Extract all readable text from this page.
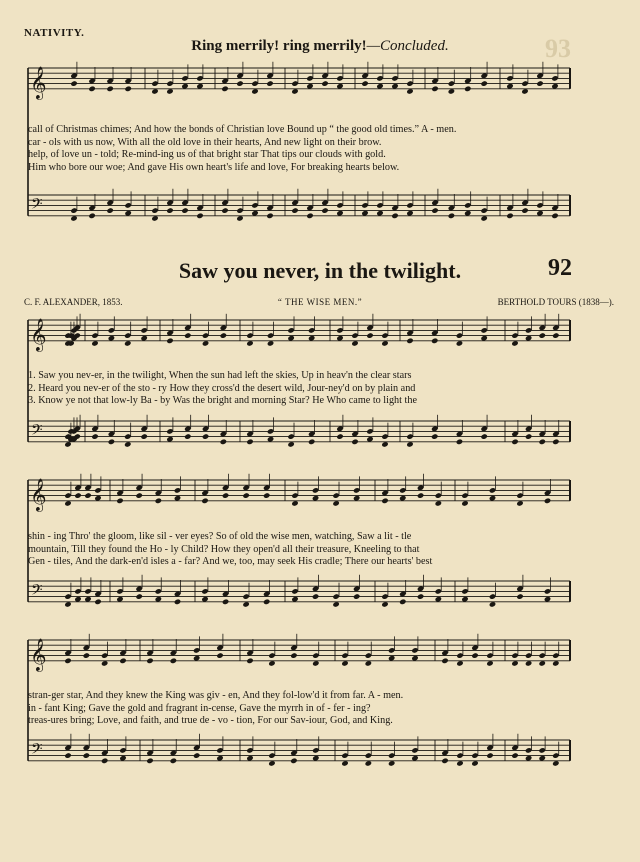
NATIVITY.
93
Ring merrily! ring merrily!—Concluded.
𝄞
𝄢
𝄞
𝄢
𝄞
𝄢
𝄞
𝄢
call of Christmas chimes; And how the bonds of Christian love Bound up “ the good old times.” A - men.
car - ols with us now, With all the old love in their hearts, And new light on their brow.
help, of love un - told; Re-mind-ing us of that bright star That tips our clouds with gold.
Him who bore our woe; And gave His own heart's life and love, For breaking hearts below.
Saw you never, in the twilight.	92
C. F. ALEXANDER, 1853.	“ THE WISE MEN.”	BERTHOLD TOURS (1838—).
1. Saw you nev-er, in the twilight, When the sun had left the skies, Up in heav'n the clear stars
2. Heard you nev-er of the sto - ry How they cross'd the desert wild, Jour-ney'd on by plain and
3. Know ye not that low-ly Ba - by Was the bright and morning Star? He Who came to light the
shin - ing Thro' the gloom, like sil - ver eyes? So of old the wise men, watching, Saw a lit - tle
mountain, Till they found the Ho - ly Child? How they open'd all their treasure, Kneeling to that
Gen - tiles, And the dark-en'd isles a - far? And we, too, may seek His cradle; There our hearts' best
stran-ger star, And they knew the King was giv - en, And they fol-low'd it from far. A - men.
in - fant King; Gave the gold and fragrant in-cense, Gave the myrrh in of - fer - ing?
treas-ures bring; Love, and faith, and true de - vo - tion, For our Sav-iour, God, and King.
